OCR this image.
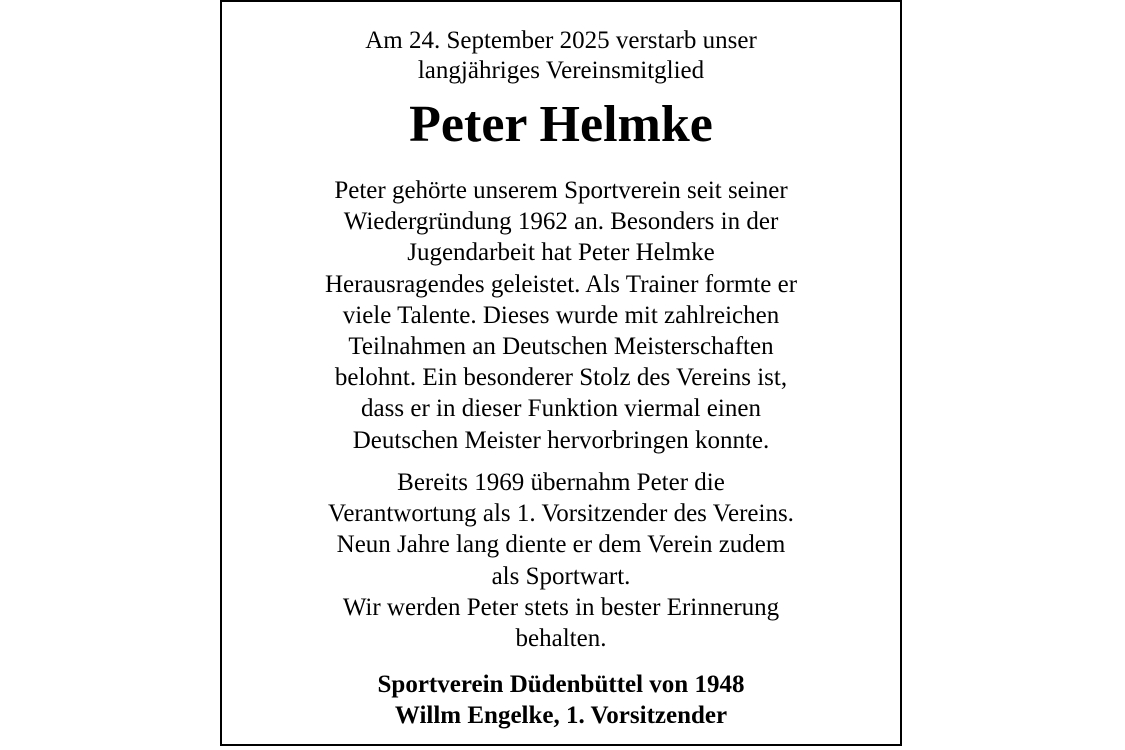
Am 24. September 2025 verstarb unser
langjähriges Vereinsmitglied
Peter Helmke
Peter gehörte unserem Sportverein seit seiner
Wiedergründung 1962 an. Besonders in der
Jugendarbeit hat Peter Helmke
Herausragendes geleistet. Als Trainer formte er
viele Talente. Dieses wurde mit zahlreichen
Teilnahmen an Deutschen Meisterschaften
belohnt. Ein besonderer Stolz des Vereins ist,
dass er in dieser Funktion viermal einen
Deutschen Meister hervorbringen konnte.
Bereits 1969 übernahm Peter die
Verantwortung als 1. Vorsitzender des Vereins.
Neun Jahre lang diente er dem Verein zudem
als Sportwart.
Wir werden Peter stets in bester Erinnerung
behalten.
Sportverein Düdenbüttel von 1948
Willm Engelke, 1. Vorsitzender
